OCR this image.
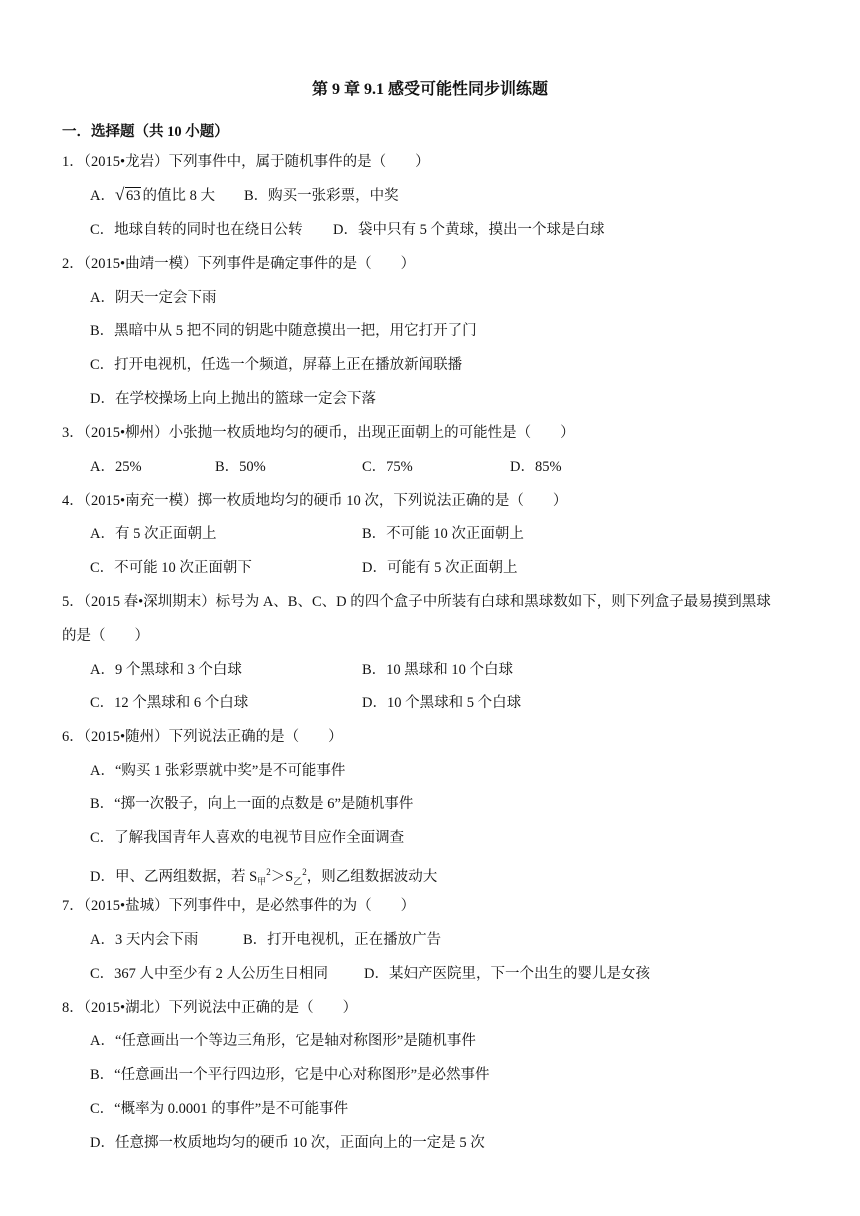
第 9 章 9.1 感受可能性同步训练题
一．选择题（共 10 小题）
1．（2015•龙岩）下列事件中，属于随机事件的是（　　）
A． √ 63 的值比 8 大 B．购买一张彩票，中奖
C．地球自转的同时也在绕日公转 D．袋中只有 5 个黄球，摸出一个球是白球
2．（2015•曲靖一模）下列事件是确定事件的是（　　）
A．阴天一定会下雨
B．黑暗中从 5 把不同的钥匙中随意摸出一把，用它打开了门
C．打开电视机，任选一个频道，屏幕上正在播放新闻联播
D．在学校操场上向上抛出的篮球一定会下落
3．（2015•柳州）小张抛一枚质地均匀的硬币，出现正面朝上的可能性是（　　）
A．25%	B．50%	C．75%	D．85%
4．（2015•南充一模）掷一枚质地均匀的硬币 10 次，下列说法正确的是（　　）
A．有 5 次正面朝上	B．不可能 10 次正面朝上
C．不可能 10 次正面朝下	D．可能有 5 次正面朝上
5．（2015 春•深圳期末）标号为 A、B、C、D 的四个盒子中所装有白球和黑球数如下，则下列盒子最易摸到黑球
的是（　　）
A．9 个黑球和 3 个白球	B．10 黑球和 10 个白球
C．12 个黑球和 6 个白球	D．10 个黑球和 5 个白球
6．（2015•随州）下列说法正确的是（　　）
A．“购买 1 张彩票就中奖”是不可能事件
B．“掷一次骰子，向上一面的点数是 6”是随机事件
C．了解我国青年人喜欢的电视节目应作全面调查
D．甲、乙两组数据，若 $S_甲^2>S_乙^2$，则乙组数据波动大
7．（2015•盐城）下列事件中，是必然事件的为（　　）
A．3 天内会下雨	B．打开电视机，正在播放广告
C．367 人中至少有 2 人公历生日相同 D．某妇产医院里，下一个出生的婴儿是女孩
8．（2015•湖北）下列说法中正确的是（　　）
A．“任意画出一个等边三角形，它是轴对称图形”是随机事件
B．“任意画出一个平行四边形，它是中心对称图形”是必然事件
C．“概率为 0.0001 的事件”是不可能事件
D．任意掷一枚质地均匀的硬币 10 次，正面向上的一定是 5 次
